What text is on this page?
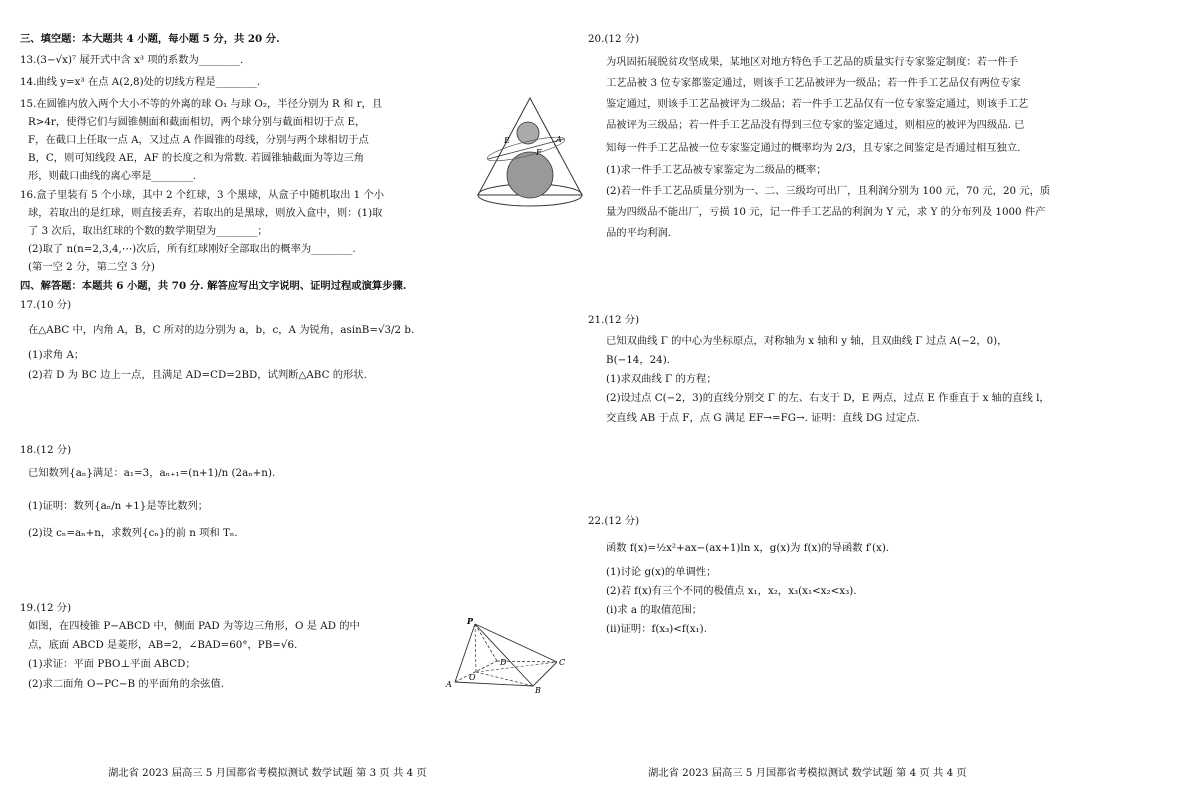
三、填空题：本大题共 4 小题，每小题 5 分，共 20 分.
13.(3−√x)⁷ 展开式中含 x³ 项的系数为________.
14.曲线 y=x³ 在点 A(2,8)处的切线方程是________.
15.在圆锥内放入两个大小不等的外离的球 O₁ 与球 O₂，半径分别为 R 和 r，且
R>4r，使得它们与圆锥侧面和截面相切，两个球分别与截面相切于点 E，
F，在截口上任取一点 A，又过点 A 作圆锥的母线，分别与两个球相切于点
B，C，则可知线段 AE，AF 的长度之和为常数. 若圆锥轴截面为等边三角
形，则截口曲线的离心率是________.
A
E
F
16.盒子里装有 5 个小球，其中 2 个红球，3 个黑球，从盒子中随机取出 1 个小
球，若取出的是红球，则直接丢弃，若取出的是黑球，则放入盒中，则：(1)取
了 3 次后，取出红球的个数的数学期望为________；
(2)取了 n(n=2,3,4,⋯)次后，所有红球刚好全部取出的概率为________.
(第一空 2 分，第二空 3 分)
四、解答题：本题共 6 小题，共 70 分. 解答应写出文字说明、证明过程或演算步骤.
17.(10 分)
在△ABC 中，内角 A，B，C 所对的边分别为 a，b，c，A 为锐角，asinB=√3/2 b.
(1)求角 A；
(2)若 D 为 BC 边上一点，且满足 AD=CD=2BD，试判断△ABC 的形状.
18.(12 分)
已知数列{aₙ}满足：a₁=3，aₙ₊₁=(n+1)/n (2aₙ+n).
(1)证明：数列{aₙ/n +1}是等比数列；
(2)设 cₙ=aₙ+n，求数列{cₙ}的前 n 项和 Tₙ.
19.(12 分)
如图，在四棱锥 P−ABCD 中，侧面 PAD 为等边三角形，O 是 AD 的中
点，底面 ABCD 是菱形，AB=2，∠BAD=60°，PB=√6.
(1)求证：平面 PBO⊥平面 ABCD；
(2)求二面角 O−PC−B 的平面角的余弦值.
P
D
O
A
B
C
湖北省 2023 届高三 5 月国都省考模拟测试 数学试题 第 3 页 共 4 页
20.(12 分)
为巩固拓展脱贫攻坚成果，某地区对地方特色手工艺品的质量实行专家鉴定制度：若一件手
工艺品被 3 位专家都鉴定通过，则该手工艺品被评为一级品；若一件手工艺品仅有两位专家
鉴定通过，则该手工艺品被评为二级品；若一件手工艺品仅有一位专家鉴定通过，则该手工艺
品被评为三级品；若一件手工艺品没有得到三位专家的鉴定通过，则相应的被评为四级品. 已
知每一件手工艺品被一位专家鉴定通过的概率均为 2/3，且专家之间鉴定是否通过相互独立.
(1)求一件手工艺品被专家鉴定为二级品的概率；
(2)若一件手工艺品质量分别为一、二、三级均可出厂，且利润分别为 100 元，70 元，20 元，质
量为四级品不能出厂，亏损 10 元，记一件手工艺品的利润为 Y 元，求 Y 的分布列及 1000 件产
品的平均利润.
21.(12 分)
已知双曲线 Γ 的中心为坐标原点，对称轴为 x 轴和 y 轴，且双曲线 Γ 过点 A(−2，0)，
B(−14，24).
(1)求双曲线 Γ 的方程；
(2)设过点 C(−2，3)的直线分别交 Γ 的左、右支于 D，E 两点，过点 E 作垂直于 x 轴的直线 l，
交直线 AB 于点 F，点 G 满足 EF→=FG→. 证明：直线 DG 过定点.
22.(12 分)
函数 f(x)=½x²+ax−(ax+1)ln x，g(x)为 f(x)的导函数 f′(x).
(1)讨论 g(x)的单调性；
(2)若 f(x)有三个不同的极值点 x₁，x₂，x₃(x₁<x₂<x₃).
(ⅰ)求 a 的取值范围；
(ⅱ)证明：f(x₃)<f(x₁).
湖北省 2023 届高三 5 月国都省考模拟测试 数学试题 第 4 页 共 4 页
